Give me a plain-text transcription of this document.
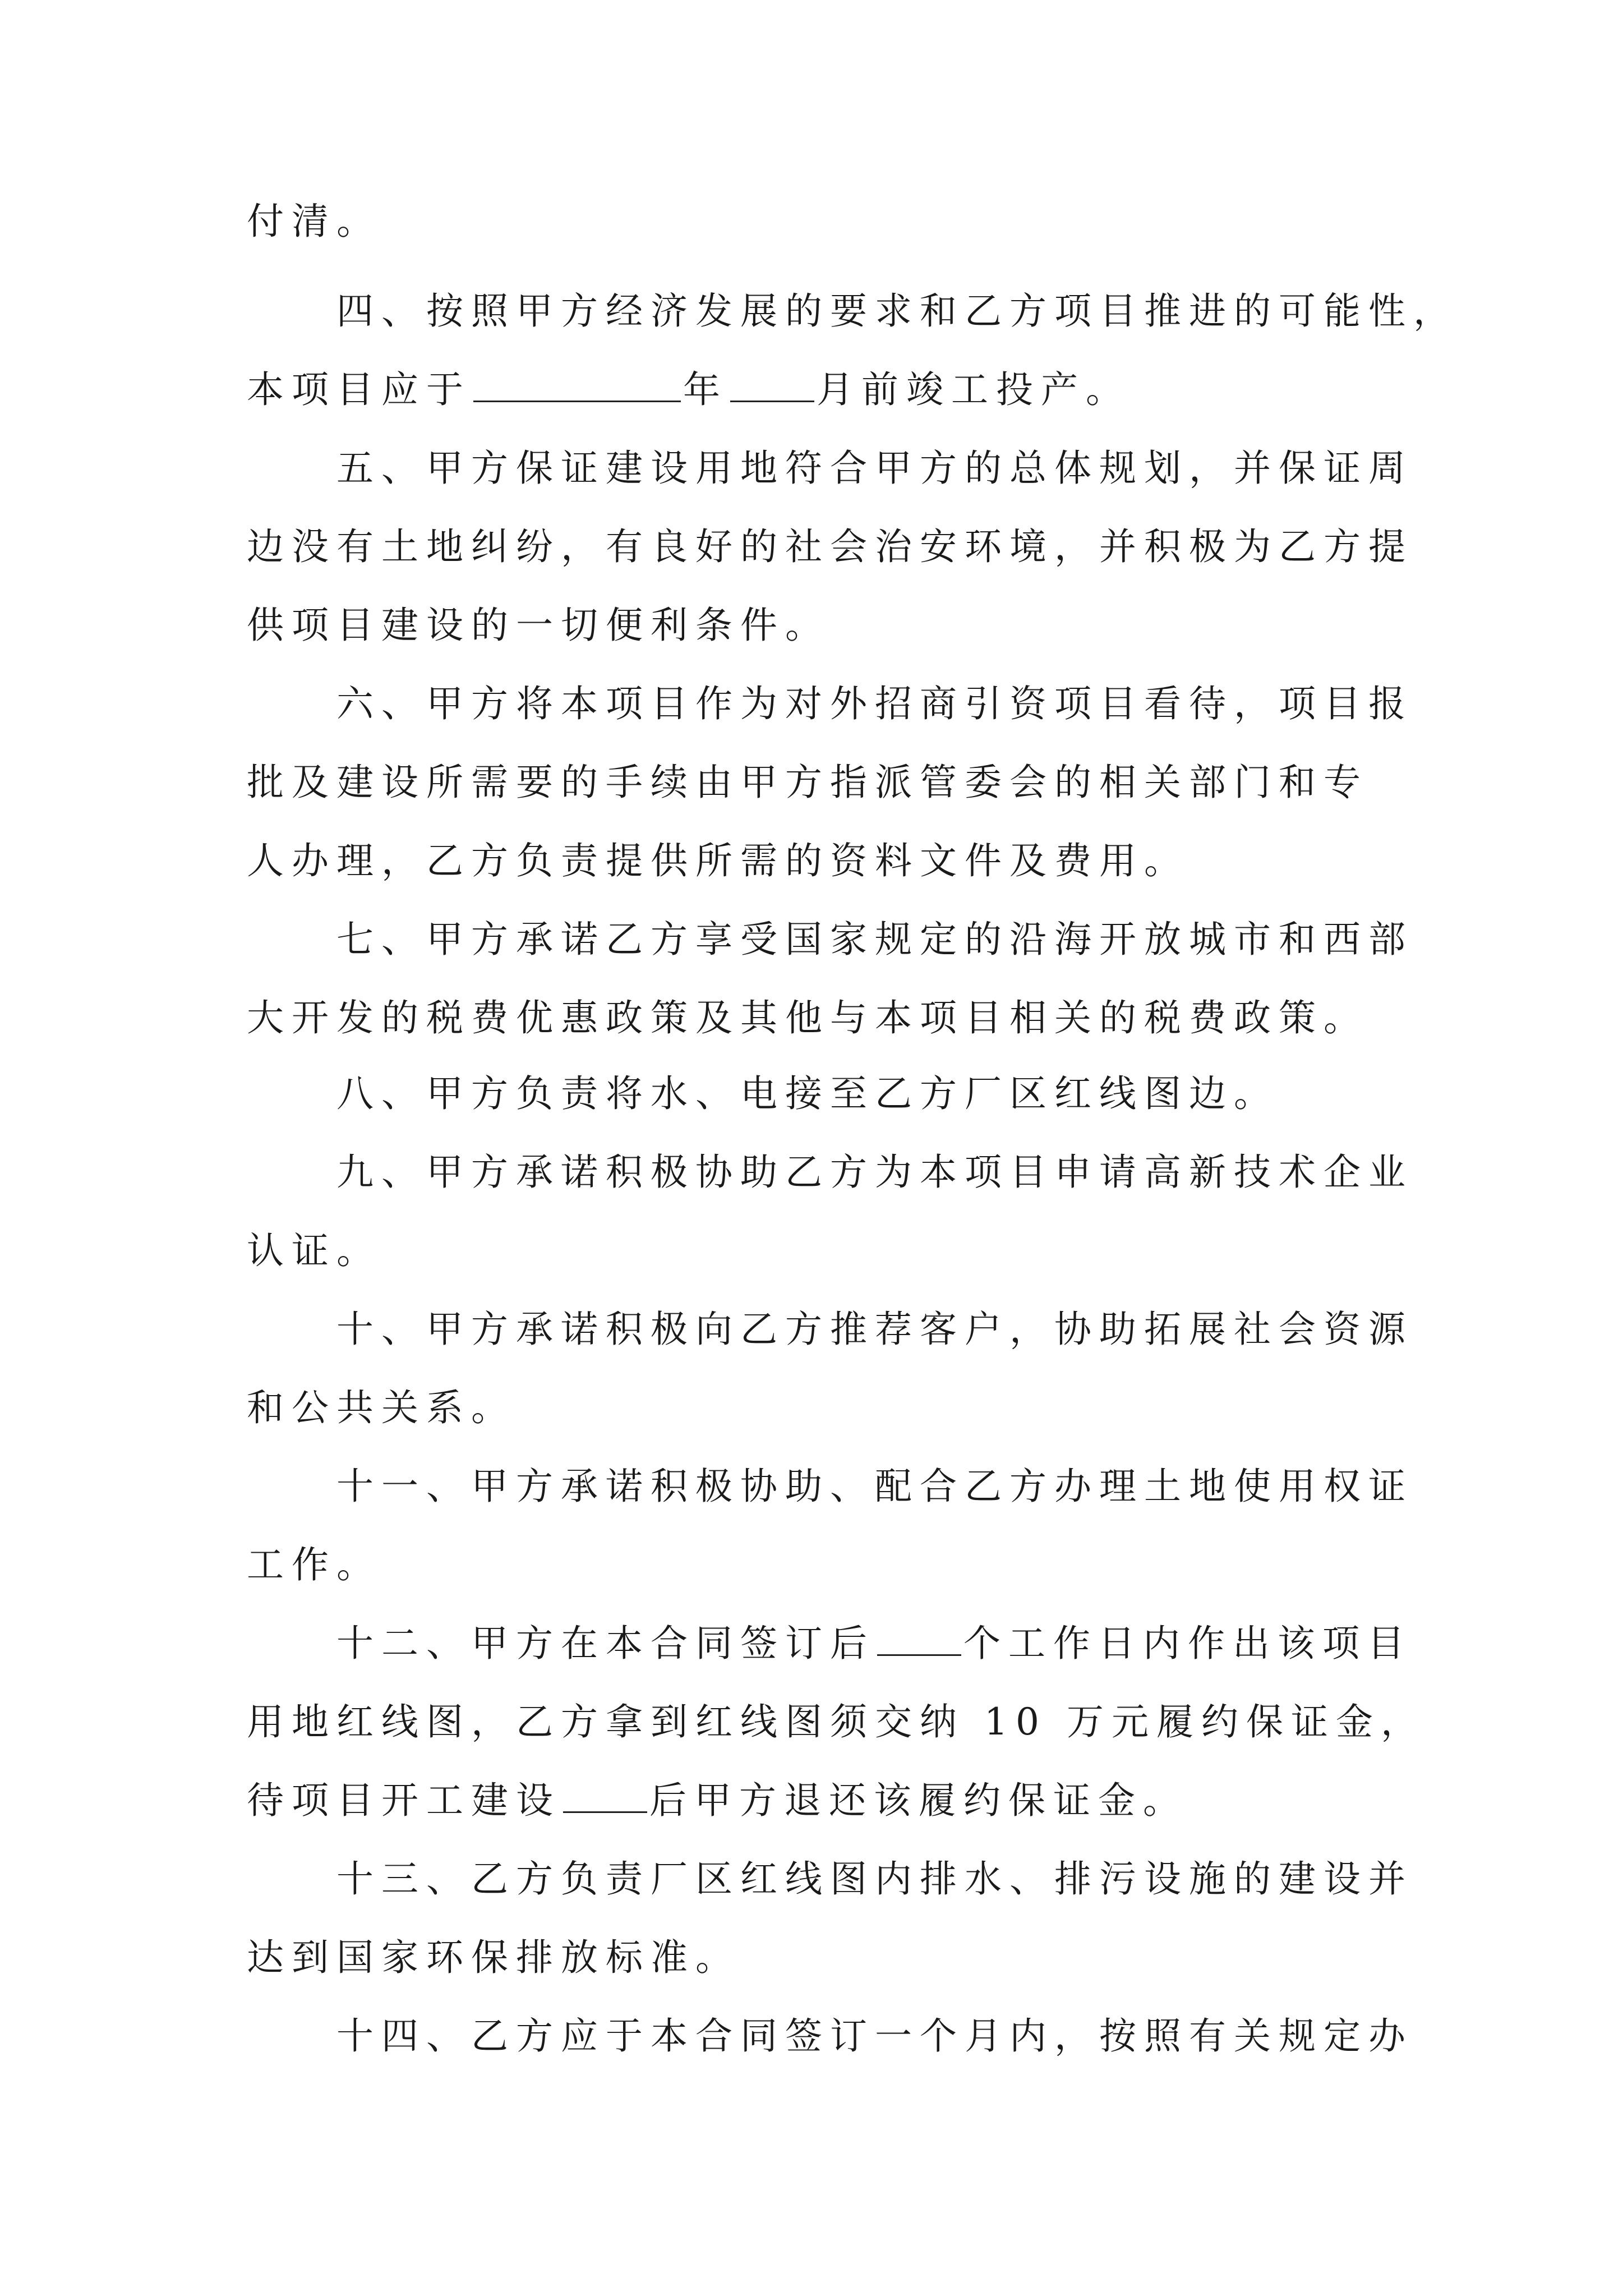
付清。
四、按照甲方经济发展的要求和乙方项目推进的可能性，
本项目应于	年 月前竣工投产。
五、甲方保证建设用地符合甲方的总体规划，并保证周
边没有土地纠纷，有良好的社会治安环境，并积极为乙方提
供项目建设的一切便利条件。
六、甲方将本项目作为对外招商引资项目看待，项目报
批及建设所需要的手续由甲方指派管委会的相关部门和专
人办理，乙方负责提供所需的资料文件及费用。
七、甲方承诺乙方享受国家规定的沿海开放城市和西部
大开发的税费优惠政策及其他与本项目相关的税费政策。
八、甲方负责将水、电接至乙方厂区红线图边。
九、甲方承诺积极协助乙方为本项目申请高新技术企业
认证。
十、甲方承诺积极向乙方推荐客户，协助拓展社会资源
和公共关系。
十一、甲方承诺积极协助、配合乙方办理土地使用权证
工作。
十二、甲方在本合同签订后 个工作日内作出该项目
用地红线图，乙方拿到红线图须交纳 10 万元履约保证金，
待项目开工建设 后甲方退还该履约保证金。
十三、乙方负责厂区红线图内排水、排污设施的建设并
达到国家环保排放标准。
十四、乙方应于本合同签订一个月内，按照有关规定办
